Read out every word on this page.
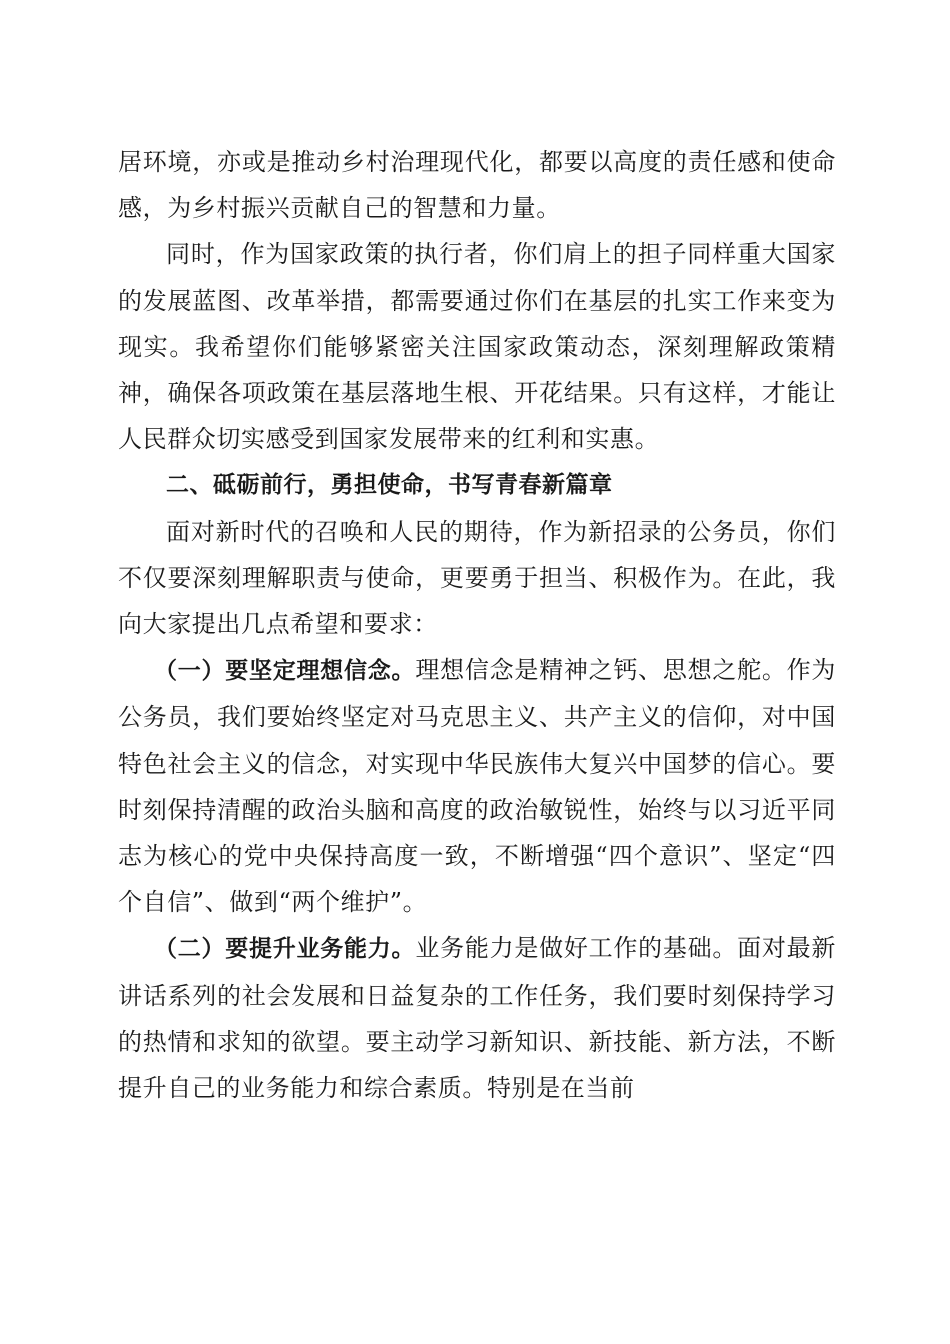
居环境，亦或是推动乡村治理现代化，都要以高度的责任感和使命感，为乡村振兴贡献自己的智慧和力量。

同时，作为国家政策的执行者，你们肩上的担子同样重大国家的发展蓝图、改革举措，都需要通过你们在基层的扎实工作来变为现实。我希望你们能够紧密关注国家政策动态，深刻理解政策精神，确保各项政策在基层落地生根、开花结果。只有这样，才能让人民群众切实感受到国家发展带来的红利和实惠。

二、砥砺前行，勇担使命，书写青春新篇章

面对新时代的召唤和人民的期待，作为新招录的公务员，你们不仅要深刻理解职责与使命，更要勇于担当、积极作为。在此，我向大家提出几点希望和要求：

（一）要坚定理想信念。理想信念是精神之钙、思想之舵。作为公务员，我们要始终坚定对马克思主义、共产主义的信仰，对中国特色社会主义的信念，对实现中华民族伟大复兴中国梦的信心。要时刻保持清醒的政治头脑和高度的政治敏锐性，始终与以习近平同志为核心的党中央保持高度一致，不断增强“四个意识”、坚定“四个自信”、做到“两个维护”。

（二）要提升业务能力。业务能力是做好工作的基础。面对最新讲话系列的社会发展和日益复杂的工作任务，我们要时刻保持学习的热情和求知的欲望。要主动学习新知识、新技能、新方法，不断提升自己的业务能力和综合素质。特别是在当前
